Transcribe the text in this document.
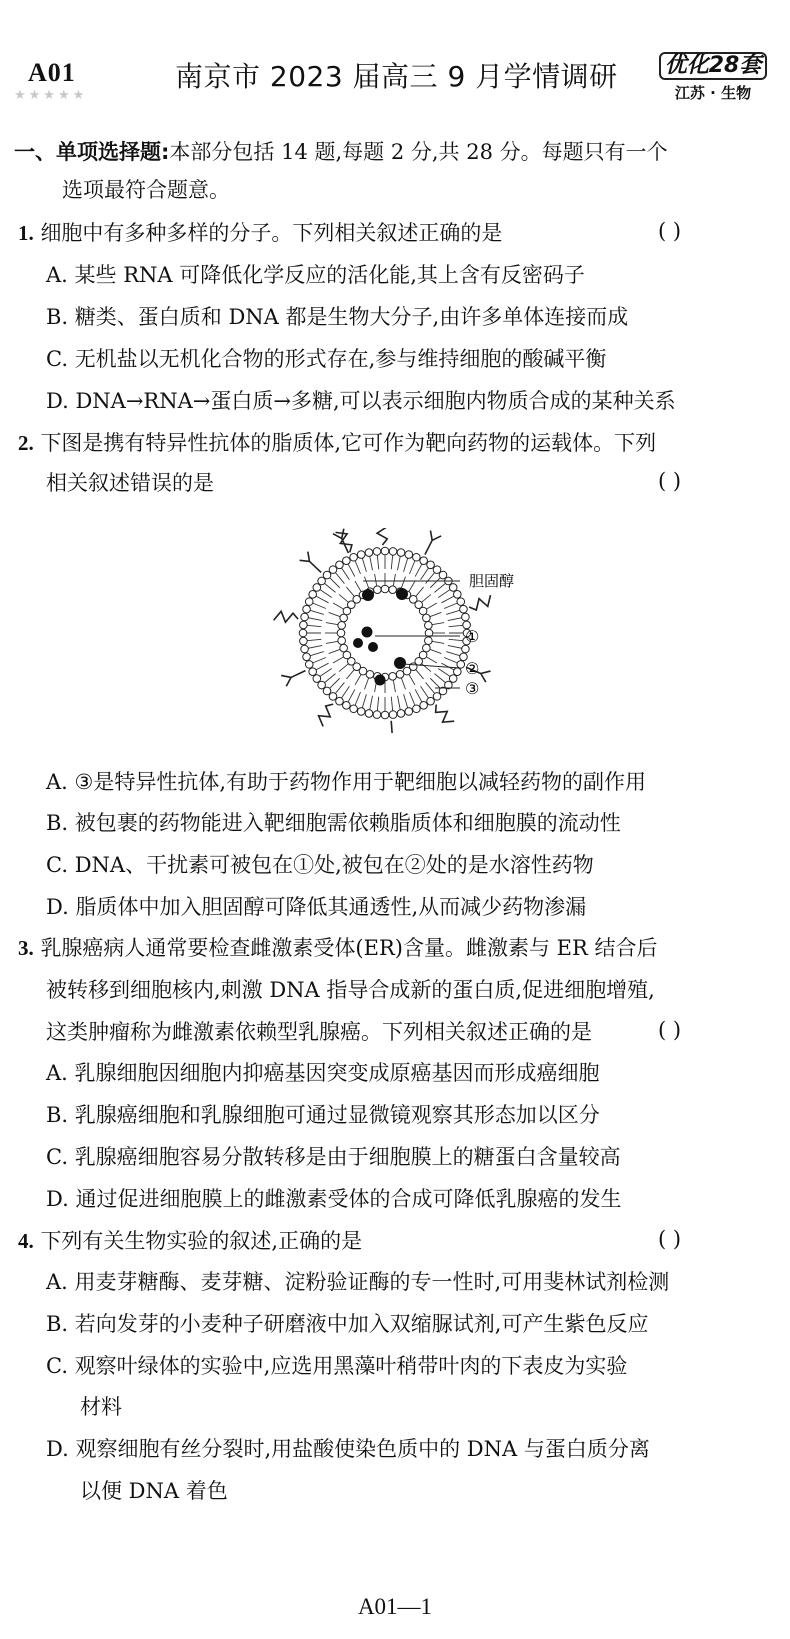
A01
★★★★★
南京市 2023 届高三 9 月学情调研	优化28套
江苏 · 生物
一、单项选择题:本部分包括 14 题,每题 2 分,共 28 分。每题只有一个
选项最符合题意。
1. 细胞中有多种多样的分子。下列相关叙述正确的是	( )
A. 某些 RNA 可降低化学反应的活化能,其上含有反密码子
B. 糖类、蛋白质和 DNA 都是生物大分子,由许多单体连接而成
C. 无机盐以无机化合物的形式存在,参与维持细胞的酸碱平衡
D. DNA→RNA→蛋白质→多糖,可以表示细胞内物质合成的某种关系
2. 下图是携有特异性抗体的脂质体,它可作为靶向药物的运载体。下列
相关叙述错误的是	( )
胆固醇
①
②
③
A. ③是特异性抗体,有助于药物作用于靶细胞以减轻药物的副作用
B. 被包裹的药物能进入靶细胞需依赖脂质体和细胞膜的流动性
C. DNA、干扰素可被包在①处,被包在②处的是水溶性药物
D. 脂质体中加入胆固醇可降低其通透性,从而减少药物渗漏
3. 乳腺癌病人通常要检查雌激素受体(ER)含量。雌激素与 ER 结合后
被转移到细胞核内,刺激 DNA 指导合成新的蛋白质,促进细胞增殖,
这类肿瘤称为雌激素依赖型乳腺癌。下列相关叙述正确的是	( )
A. 乳腺细胞因细胞内抑癌基因突变成原癌基因而形成癌细胞
B. 乳腺癌细胞和乳腺细胞可通过显微镜观察其形态加以区分
C. 乳腺癌细胞容易分散转移是由于细胞膜上的糖蛋白含量较高
D. 通过促进细胞膜上的雌激素受体的合成可降低乳腺癌的发生
4. 下列有关生物实验的叙述,正确的是	( )
A. 用麦芽糖酶、麦芽糖、淀粉验证酶的专一性时,可用斐林试剂检测
B. 若向发芽的小麦种子研磨液中加入双缩脲试剂,可产生紫色反应
C. 观察叶绿体的实验中,应选用黑藻叶稍带叶肉的下表皮为实验
材料
D. 观察细胞有丝分裂时,用盐酸使染色质中的 DNA 与蛋白质分离
以便 DNA 着色
A01—1
